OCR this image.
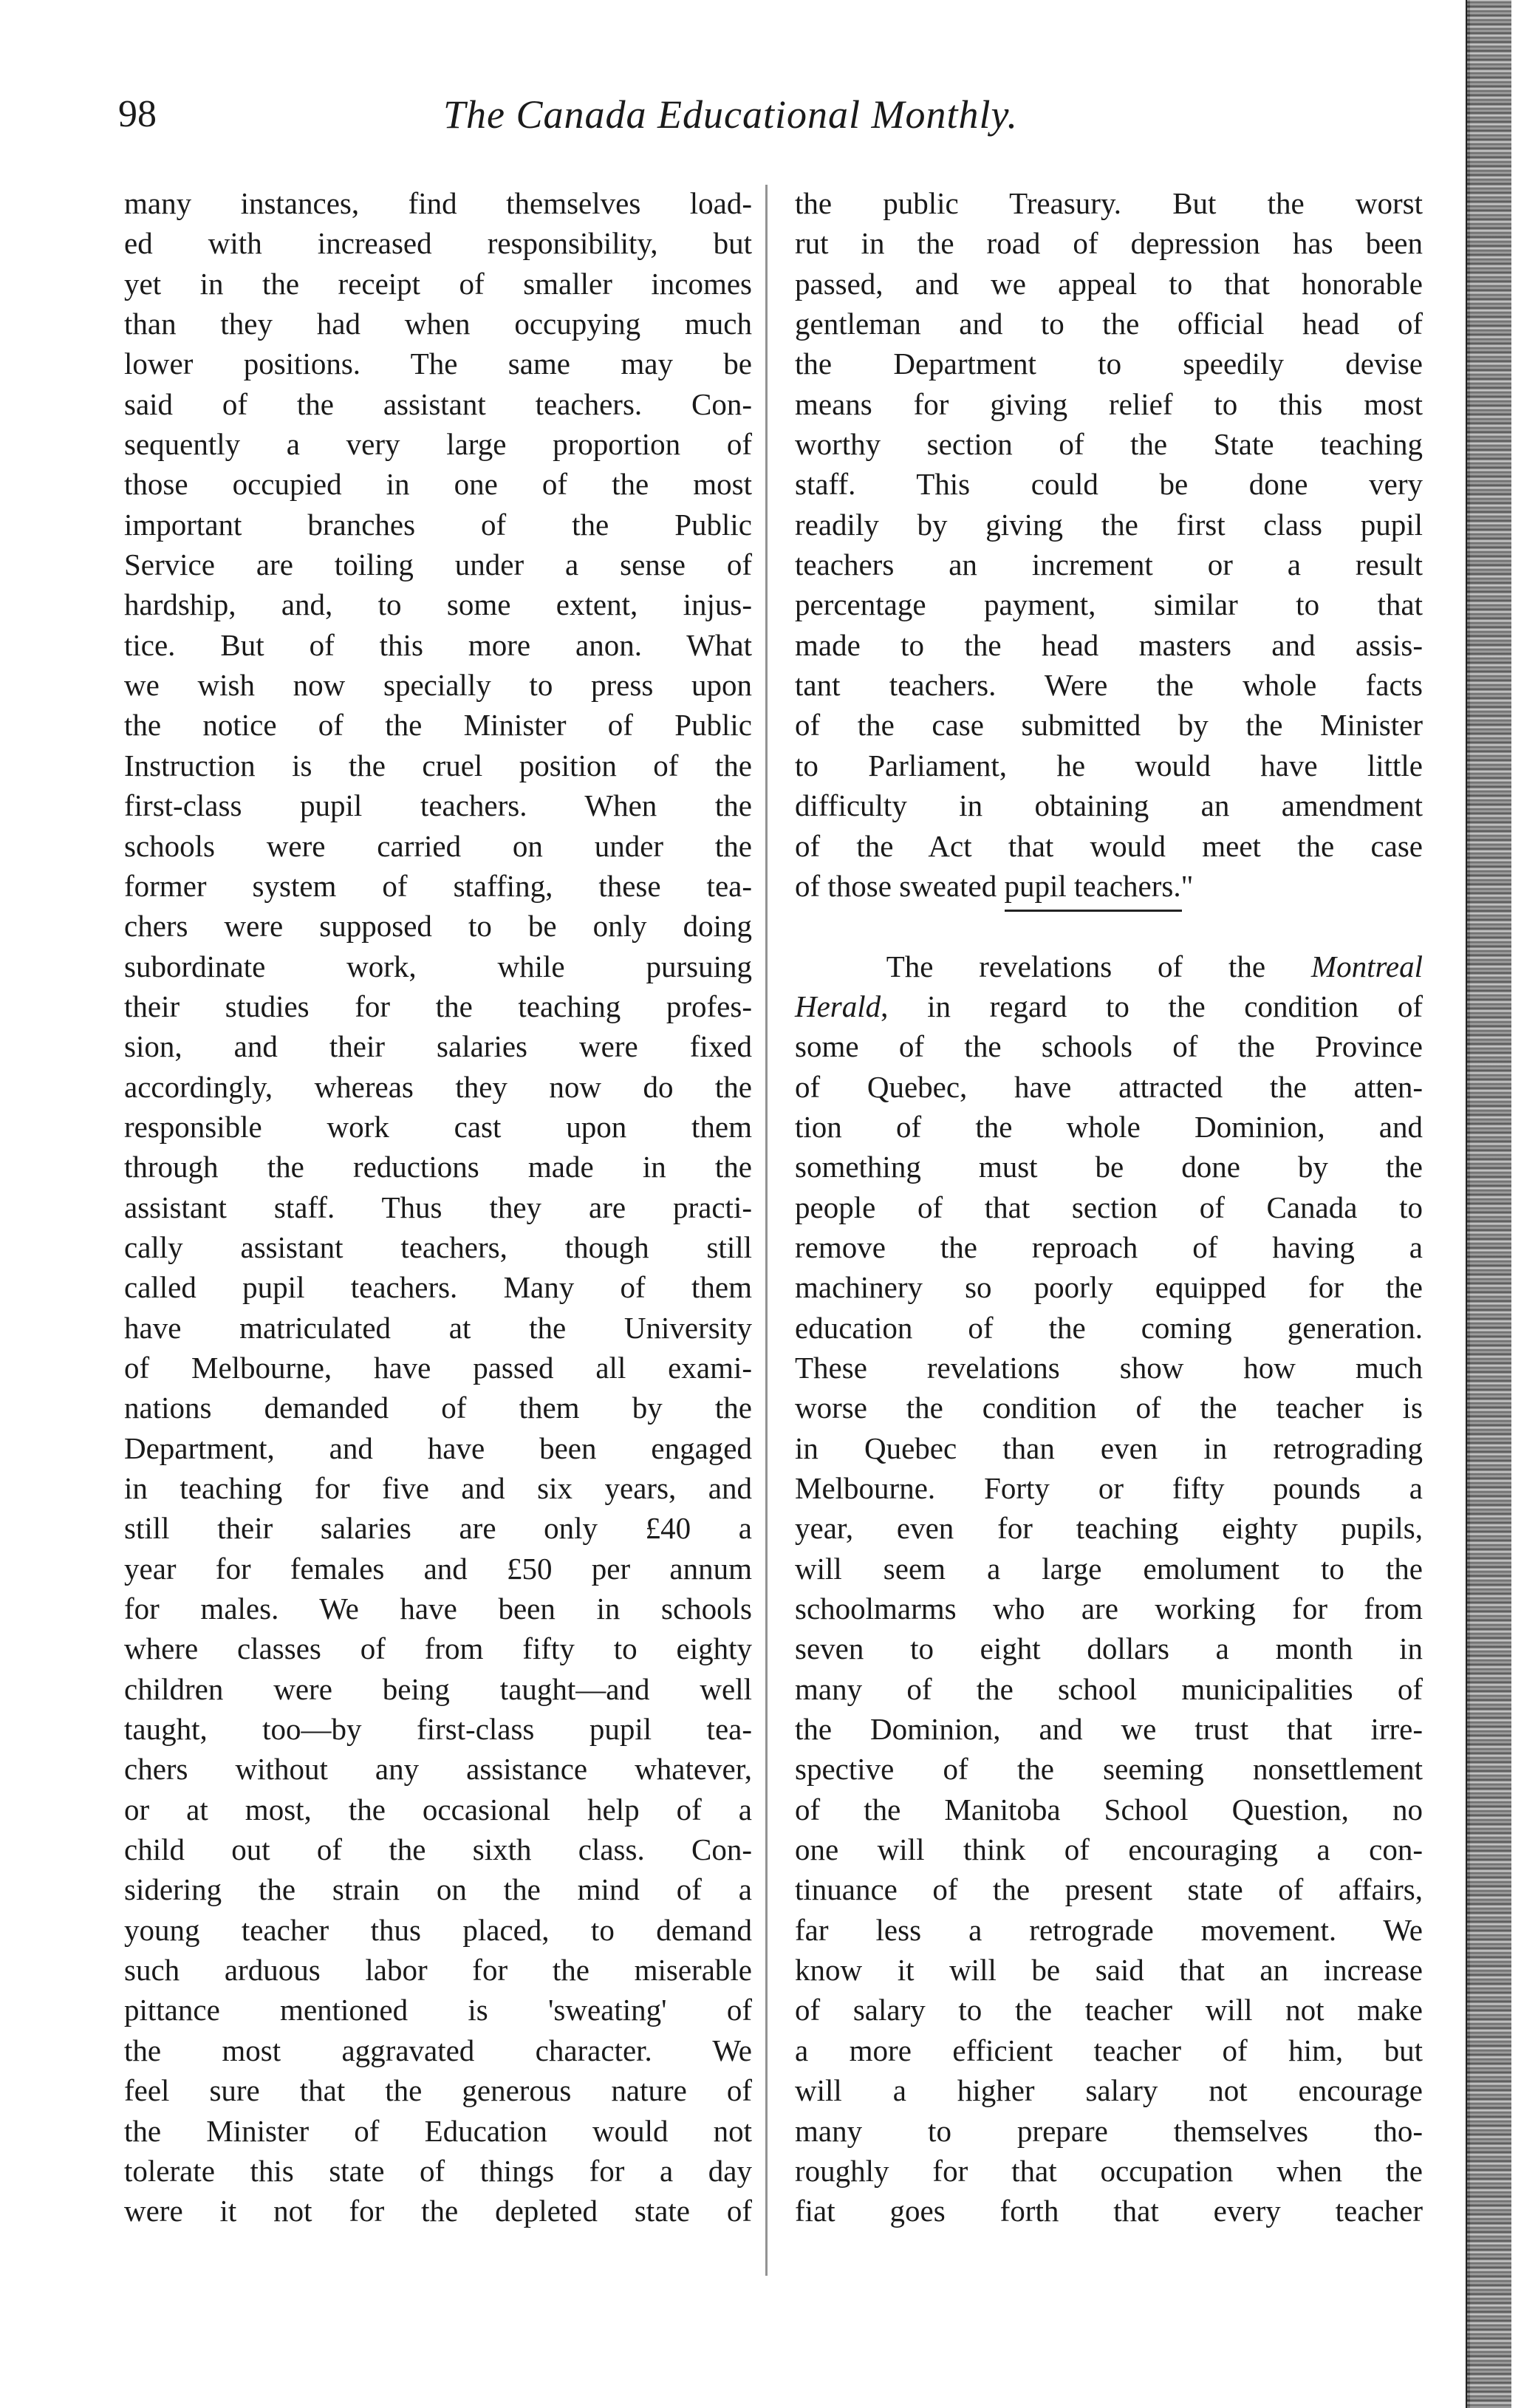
98	The Canada Educational Monthly.
many instances, find themselves load-
ed with increased responsibility, but
yet in the receipt of smaller incomes
than they had when occupying much
lower positions. The same may be
said of the assistant teachers. Con-
sequently a very large proportion of
those occupied in one of the most
important branches of the Public
Service are toiling under a sense of
hardship, and, to some extent, injus-
tice. But of this more anon. What
we wish now specially to press upon
the notice of the Minister of Public
Instruction is the cruel position of the
first-class pupil teachers. When the
schools were carried on under the
former system of staffing, these tea-
chers were supposed to be only doing
subordinate work, while pursuing
their studies for the teaching profes-
sion, and their salaries were fixed
accordingly, whereas they now do the
responsible work cast upon them
through the reductions made in the
assistant staff. Thus they are practi-
cally assistant teachers, though still
called pupil teachers. Many of them
have matriculated at the University
of Melbourne, have passed all exami-
nations demanded of them by the
Department, and have been engaged
in teaching for five and six years, and
still their salaries are only £40 a
year for females and £50 per annum
for males. We have been in schools
where classes of from fifty to eighty
children were being taught—and well
taught, too—by first-class pupil tea-
chers without any assistance whatever,
or at most, the occasional help of a
child out of the sixth class. Con-
sidering the strain on the mind of a
young teacher thus placed, to demand
such arduous labor for the miserable
pittance mentioned is 'sweating' of
the most aggravated character. We
feel sure that the generous nature of
the Minister of Education would not
tolerate this state of things for a day
were it not for the depleted state of
the public Treasury. But the worst
rut in the road of depression has been
passed, and we appeal to that honorable
gentleman and to the official head of
the Department to speedily devise
means for giving relief to this most
worthy section of the State teaching
staff. This could be done very
readily by giving the first class pupil
teachers an increment or a result
percentage payment, similar to that
made to the head masters and assis-
tant teachers. Were the whole facts
of the case submitted by the Minister
to Parliament, he would have little
difficulty in obtaining an amendment
of the Act that would meet the case
of those sweated pupil teachers."
The revelations of the Montreal
Herald, in regard to the condition of
some of the schools of the Province
of Quebec, have attracted the atten-
tion of the whole Dominion, and
something must be done by the
people of that section of Canada to
remove the reproach of having a
machinery so poorly equipped for the
education of the coming generation.
These revelations show how much
worse the condition of the teacher is
in Quebec than even in retrograding
Melbourne. Forty or fifty pounds a
year, even for teaching eighty pupils,
will seem a large emolument to the
schoolmarms who are working for from
seven to eight dollars a month in
many of the school municipalities of
the Dominion, and we trust that irre-
spective of the seeming nonsettlement
of the Manitoba School Question, no
one will think of encouraging a con-
tinuance of the present state of affairs,
far less a retrograde movement. We
know it will be said that an increase
of salary to the teacher will not make
a more efficient teacher of him, but
will a higher salary not encourage
many to prepare themselves tho-
roughly for that occupation when the
fiat goes forth that every teacher
